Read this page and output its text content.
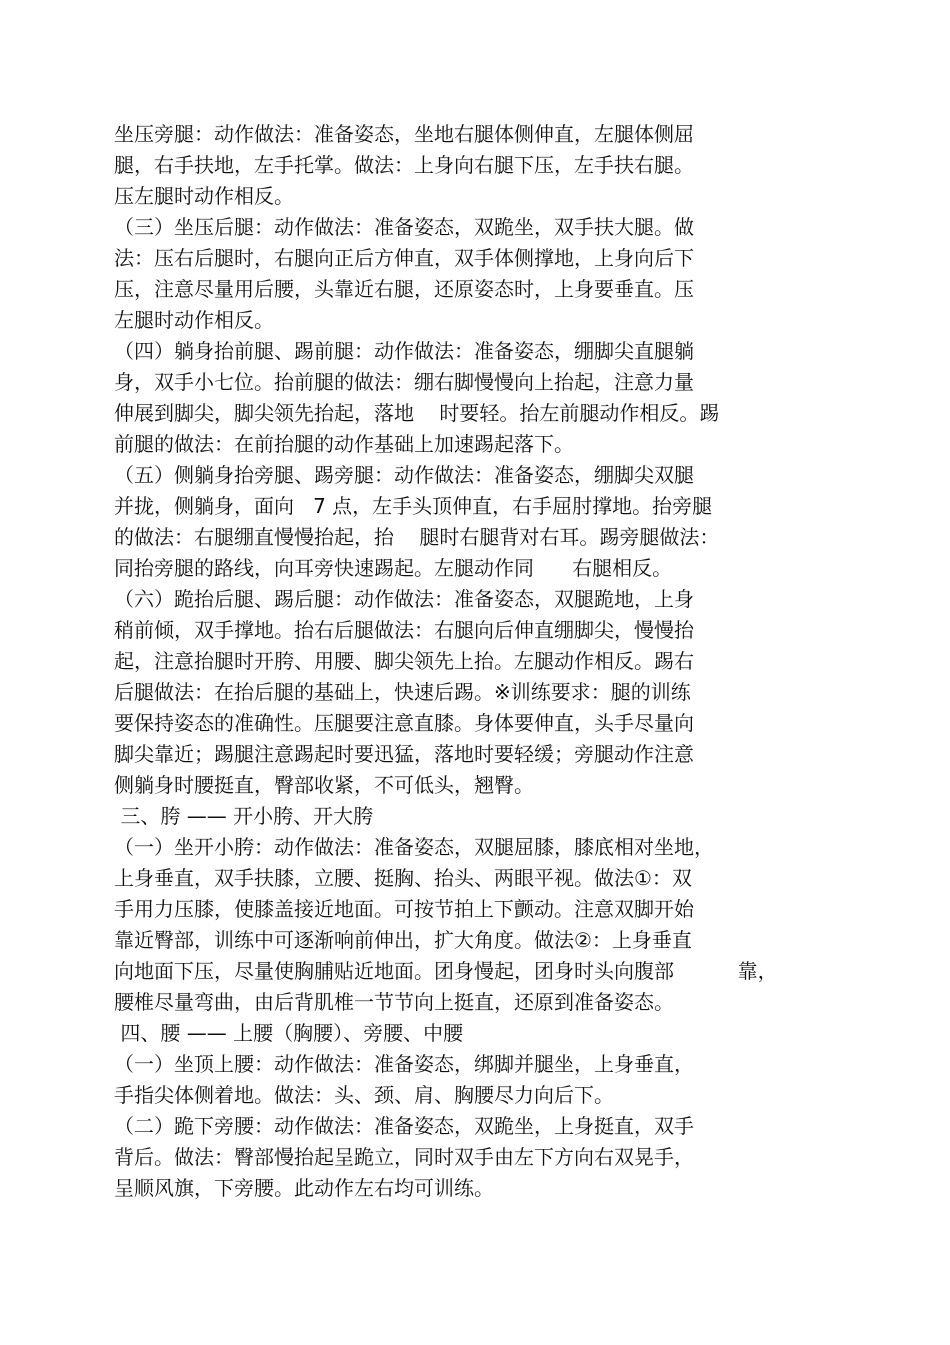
坐压旁腿：动作做法：准备姿态，坐地右腿体侧伸直，左腿体侧屈
腿，右手扶地，左手托掌。做法：上身向右腿下压，左手扶右腿。
压左腿时动作相反。
（三）坐压后腿：动作做法：准备姿态，双跪坐，双手扶大腿。做
法：压右后腿时，右腿向正后方伸直，双手体侧撑地，上身向后下
压，注意尽量用后腰，头靠近右腿，还原姿态时，上身要垂直。压
左腿时动作相反。
（四）躺身抬前腿、踢前腿：动作做法：准备姿态，绷脚尖直腿躺
身，双手小七位。抬前腿的做法：绷右脚慢慢向上抬起，注意力量
伸展到脚尖，脚尖领先抬起，落地    时要轻。抬左前腿动作相反。踢
前腿的做法：在前抬腿的动作基础上加速踢起落下。
（五）侧躺身抬旁腿、踢旁腿：动作做法：准备姿态，绷脚尖双腿
并拢，侧躺身，面向   7 点，左手头顶伸直，右手屈肘撑地。抬旁腿
的做法：右腿绷直慢慢抬起，抬    腿时右腿背对右耳。踢旁腿做法：
同抬旁腿的路线，向耳旁快速踢起。左腿动作同      右腿相反。
（六）跪抬后腿、踢后腿：动作做法：准备姿态，双腿跪地，上身
稍前倾，双手撑地。抬右后腿做法：右腿向后伸直绷脚尖，慢慢抬
起，注意抬腿时开胯、用腰、脚尖领先上抬。左腿动作相反。踢右
后腿做法：在抬后腿的基础上，快速后踢。※训练要求：腿的训练
要保持姿态的准确性。压腿要注意直膝。身体要伸直，头手尽量向
脚尖靠近；踢腿注意踢起时要迅猛，落地时要轻缓；旁腿动作注意
侧躺身时腰挺直，臀部收紧，不可低头，翘臀。
三、胯 —— 开小胯、开大胯
（一）坐开小胯：动作做法：准备姿态，双腿屈膝，膝底相对坐地，
上身垂直，双手扶膝，立腰、挺胸、抬头、两眼平视。做法①：双
手用力压膝，使膝盖接近地面。可按节拍上下颤动。注意双脚开始
靠近臀部，训练中可逐渐响前伸出，扩大角度。做法②：上身垂直
向地面下压，尽量使胸脯贴近地面。团身慢起，团身时头向腹部          靠，
腰椎尽量弯曲，由后背肌椎一节节向上挺直，还原到准备姿态。
四、腰 —— 上腰（胸腰）、旁腰、中腰
（一）坐顶上腰：动作做法：准备姿态，绑脚并腿坐，上身垂直，
手指尖体侧着地。做法：头、颈、肩、胸腰尽力向后下。
（二）跪下旁腰：动作做法：准备姿态，双跪坐，上身挺直，双手
背后。做法：臀部慢抬起呈跪立，同时双手由左下方向右双晃手，
呈顺风旗，下旁腰。此动作左右均可训练。
